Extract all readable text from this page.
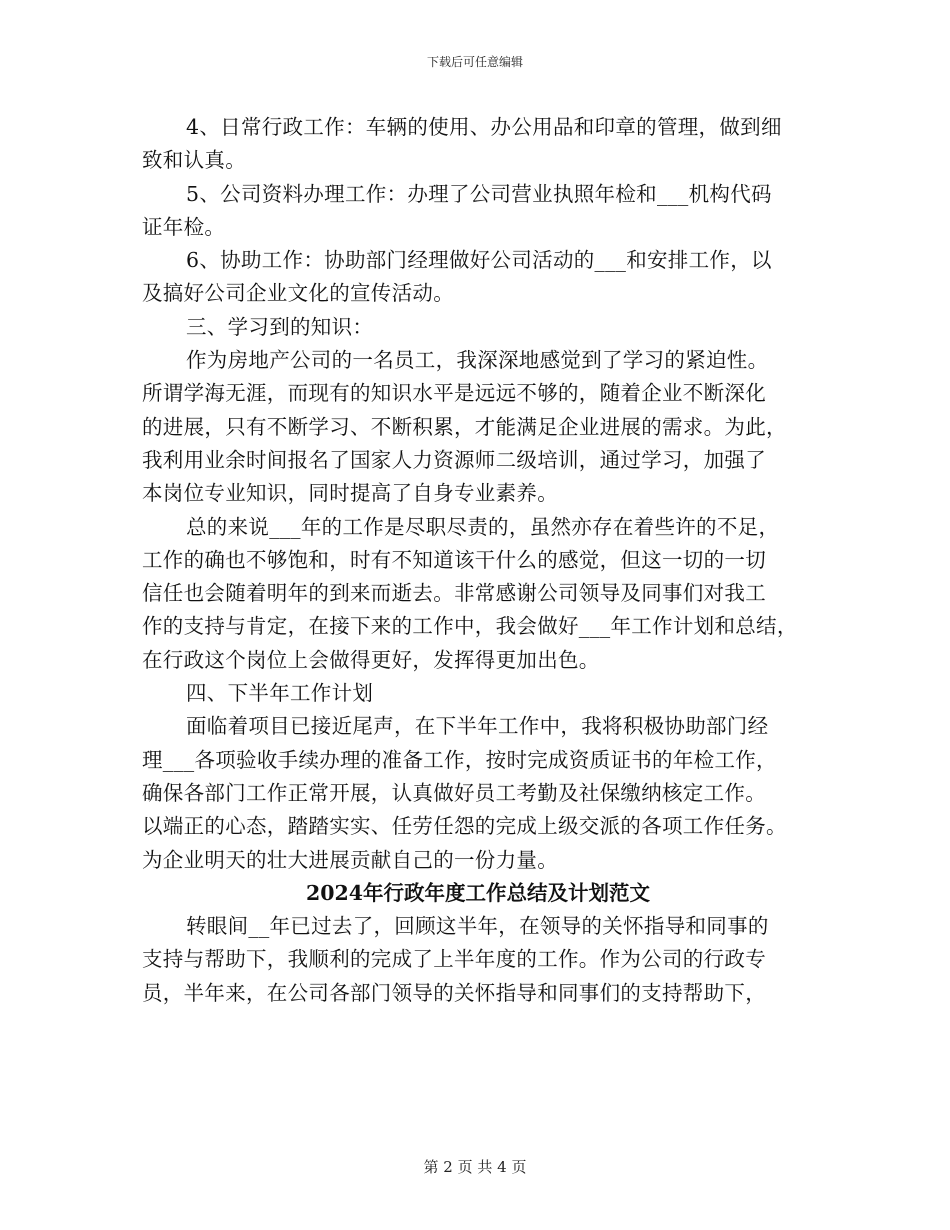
下载后可任意编辑
4、日常行政工作：车辆的使用、办公用品和印章的管理，做到细
致和认真。
5、公司资料办理工作：办理了公司营业执照年检和___机构代码
证年检。
6、协助工作：协助部门经理做好公司活动的___和安排工作，以
及搞好公司企业文化的宣传活动。
三、学习到的知识：
作为房地产公司的一名员工，我深深地感觉到了学习的紧迫性。
所谓学海无涯，而现有的知识水平是远远不够的，随着企业不断深化
的进展，只有不断学习、不断积累，才能满足企业进展的需求。为此，
我利用业余时间报名了国家人力资源师二级培训，通过学习，加强了
本岗位专业知识，同时提高了自身专业素养。
总的来说___年的工作是尽职尽责的，虽然亦存在着些许的不足，
工作的确也不够饱和，时有不知道该干什么的感觉，但这一切的一切
信任也会随着明年的到来而逝去。非常感谢公司领导及同事们对我工
作的支持与肯定，在接下来的工作中，我会做好___年工作计划和总结，
在行政这个岗位上会做得更好，发挥得更加出色。
四、下半年工作计划
面临着项目已接近尾声，在下半年工作中，我将积极协助部门经
理___各项验收手续办理的准备工作，按时完成资质证书的年检工作，
确保各部门工作正常开展，认真做好员工考勤及社保缴纳核定工作。
以端正的心态，踏踏实实、任劳任怨的完成上级交派的各项工作任务。
为企业明天的壮大进展贡献自己的一份力量。
2024年行政年度工作总结及计划范文
转眼间__年已过去了，回顾这半年，在领导的关怀指导和同事的
支持与帮助下，我顺利的完成了上半年度的工作。作为公司的行政专
员，半年来，在公司各部门领导的关怀指导和同事们的支持帮助下，
第 2 页 共 4 页
